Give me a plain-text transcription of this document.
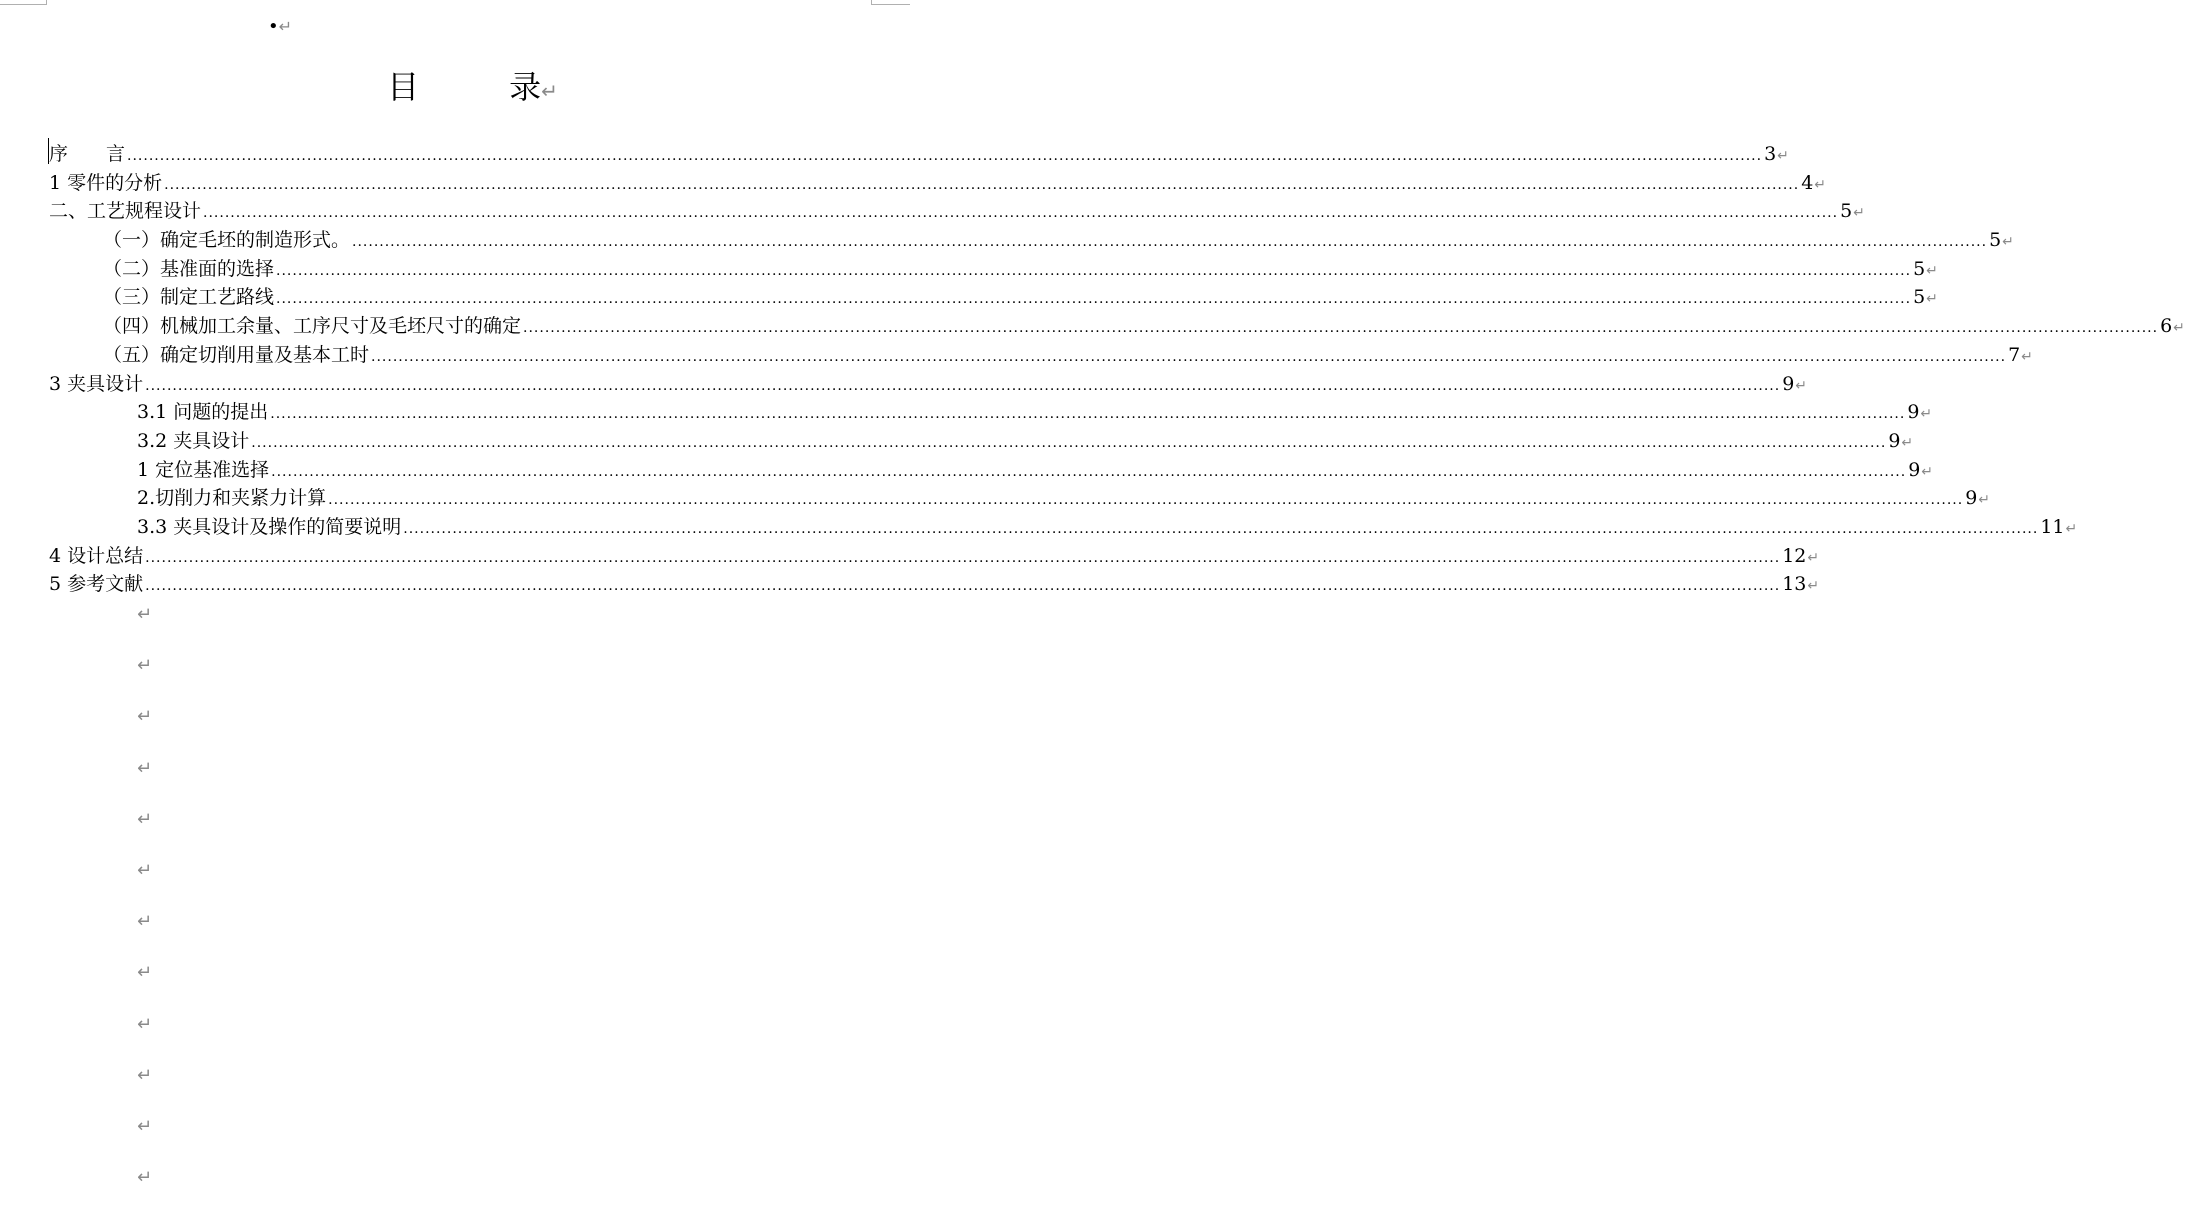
•↵
目	录↵
序　　言 ............................................................................................................................................................................................................................................................................................................ 3 ↵
1 零件的分析 ............................................................................................................................................................................................................................................................................................................ 4 ↵
二、工艺规程设计 ............................................................................................................................................................................................................................................................................................................ 5 ↵
（一）确定毛坯的制造形式。 ............................................................................................................................................................................................................................................................................................................ 5 ↵
（二）基准面的选择 ............................................................................................................................................................................................................................................................................................................ 5 ↵
（三）制定工艺路线 ............................................................................................................................................................................................................................................................................................................ 5 ↵
（四）机械加工余量、工序尺寸及毛坯尺寸的确定 ............................................................................................................................................................................................................................................................................................................ 6 ↵
（五）确定切削用量及基本工时 ............................................................................................................................................................................................................................................................................................................ 7 ↵
3 夹具设计 ............................................................................................................................................................................................................................................................................................................ 9 ↵
3.1 问题的提出 ............................................................................................................................................................................................................................................................................................................ 9 ↵
3.2 夹具设计 ............................................................................................................................................................................................................................................................................................................ 9 ↵
1 定位基准选择 ............................................................................................................................................................................................................................................................................................................ 9 ↵
2.切削力和夹紧力计算 ............................................................................................................................................................................................................................................................................................................ 9 ↵
3.3 夹具设计及操作的简要说明 ............................................................................................................................................................................................................................................................................................................ 11 ↵
4 设计总结 ............................................................................................................................................................................................................................................................................................................ 12 ↵
5 参考文献 ............................................................................................................................................................................................................................................................................................................ 13 ↵
↵
↵
↵
↵
↵
↵
↵
↵
↵
↵
↵
↵
